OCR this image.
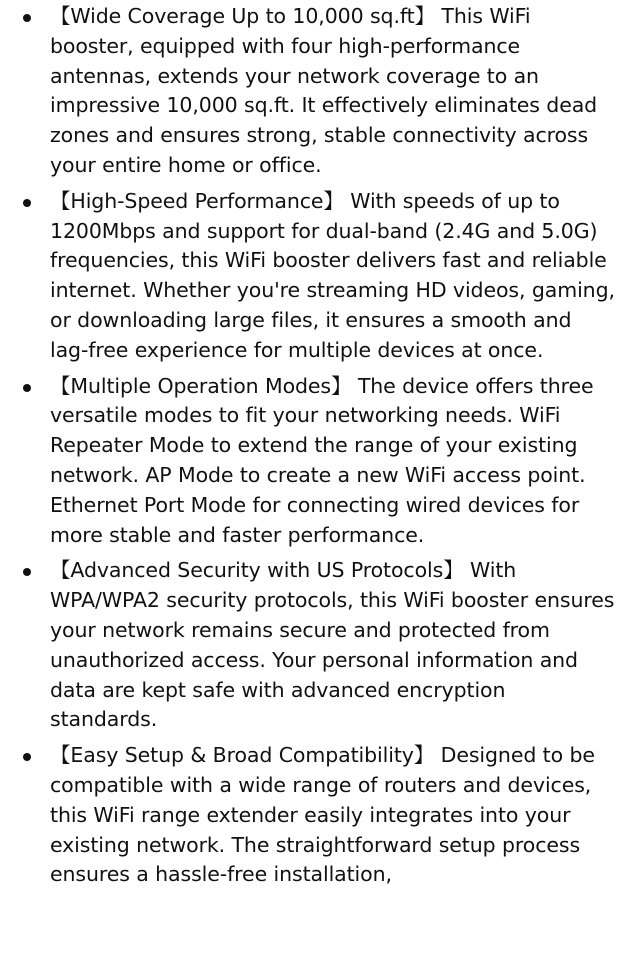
【Wide Coverage Up to 10,000 sq.ft】 This WiFi booster, equipped with four high-performance antennas, extends your network coverage to an impressive 10,000 sq.ft. It effectively eliminates dead zones and ensures strong, stable connectivity across your entire home or office.
【High-Speed Performance】 With speeds of up to 1200Mbps and support for dual-band (2.4G and 5.0G) frequencies, this WiFi booster delivers fast and reliable internet. Whether you're streaming HD videos, gaming, or downloading large files, it ensures a smooth and lag-free experience for multiple devices at once.
【Multiple Operation Modes】 The device offers three versatile modes to fit your networking needs. WiFi Repeater Mode to extend the range of your existing network. AP Mode to create a new WiFi access point. Ethernet Port Mode for connecting wired devices for more stable and faster performance.
【Advanced Security with US Protocols】 With WPA/WPA2 security protocols, this WiFi booster ensures your network remains secure and protected from unauthorized access. Your personal information and data are kept safe with advanced encryption standards.
【Easy Setup & Broad Compatibility】 Designed to be compatible with a wide range of routers and devices, this WiFi range extender easily integrates into your existing network. The straightforward setup process ensures a hassle-free installation,
